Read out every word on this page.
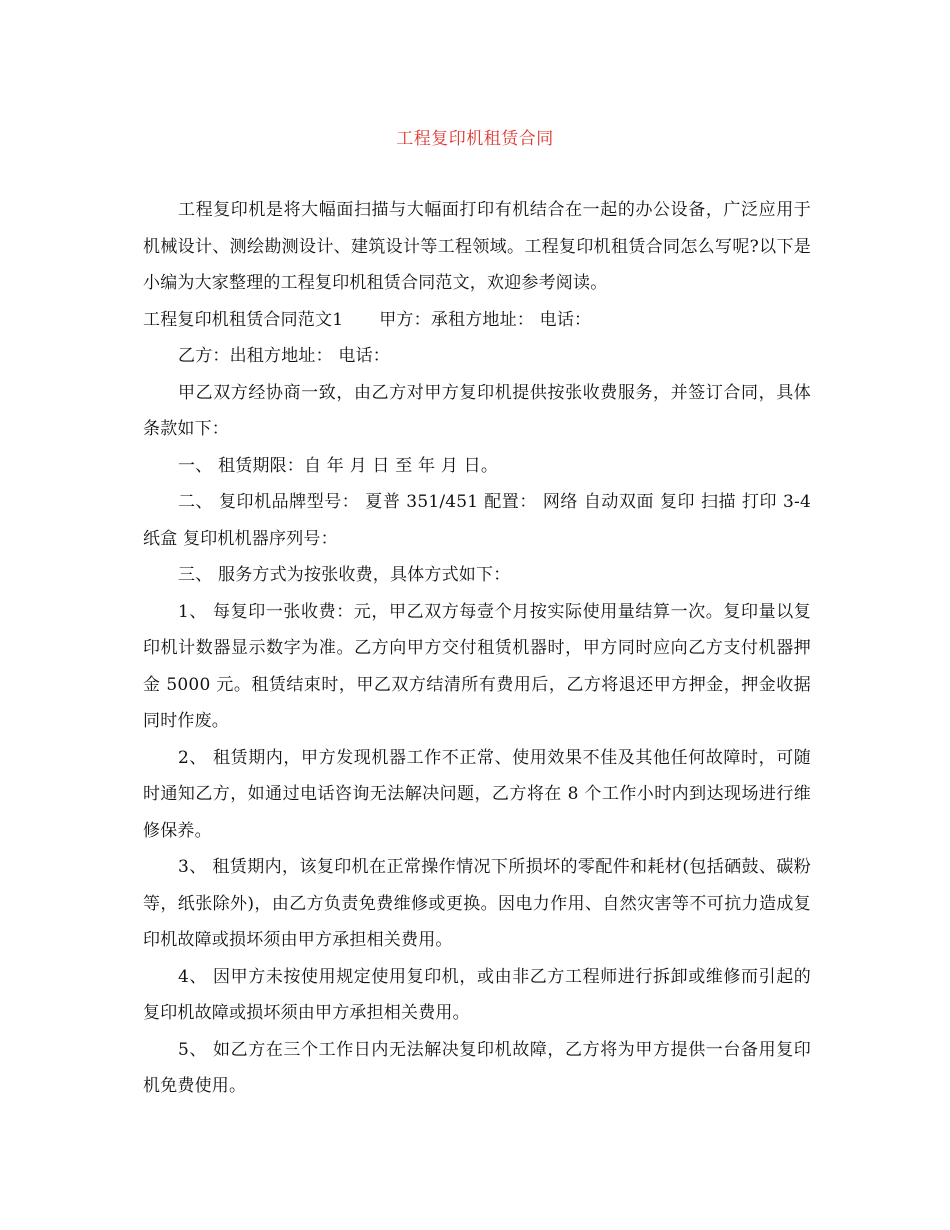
工程复印机租赁合同

工程复印机是将大幅面扫描与大幅面打印有机结合在一起的办公设备，广泛应用于机械设计、测绘勘测设计、建筑设计等工程领域。工程复印机租赁合同怎么写呢?以下是小编为大家整理的工程复印机租赁合同范文，欢迎参考阅读。

工程复印机租赁合同范文1 甲方：承租方地址： 电话：

乙方：出租方地址： 电话：

甲乙双方经协商一致，由乙方对甲方复印机提供按张收费服务，并签订合同，具体条款如下：

一、 租赁期限：自 年 月 日 至 年 月 日。

二、 复印机品牌型号： 夏普 351/451 配置： 网络 自动双面 复印 扫描 打印 3-4 纸盒 复印机机器序列号：

三、 服务方式为按张收费，具体方式如下：

1、 每复印一张收费：元，甲乙双方每壹个月按实际使用量结算一次。复印量以复印机计数器显示数字为准。乙方向甲方交付租赁机器时，甲方同时应向乙方支付机器押金 5000 元。租赁结束时，甲乙双方结清所有费用后，乙方将退还甲方押金，押金收据同时作废。

2、 租赁期内，甲方发现机器工作不正常、使用效果不佳及其他任何故障时，可随时通知乙方，如通过电话咨询无法解决问题，乙方将在 8 个工作小时内到达现场进行维修保养。

3、 租赁期内，该复印机在正常操作情况下所损坏的零配件和耗材(包括硒鼓、碳粉等，纸张除外)，由乙方负责免费维修或更换。因电力作用、自然灾害等不可抗力造成复印机故障或损坏须由甲方承担相关费用。

4、 因甲方未按使用规定使用复印机，或由非乙方工程师进行拆卸或维修而引起的复印机故障或损坏须由甲方承担相关费用。

5、 如乙方在三个工作日内无法解决复印机故障，乙方将为甲方提供一台备用复印机免费使用。
